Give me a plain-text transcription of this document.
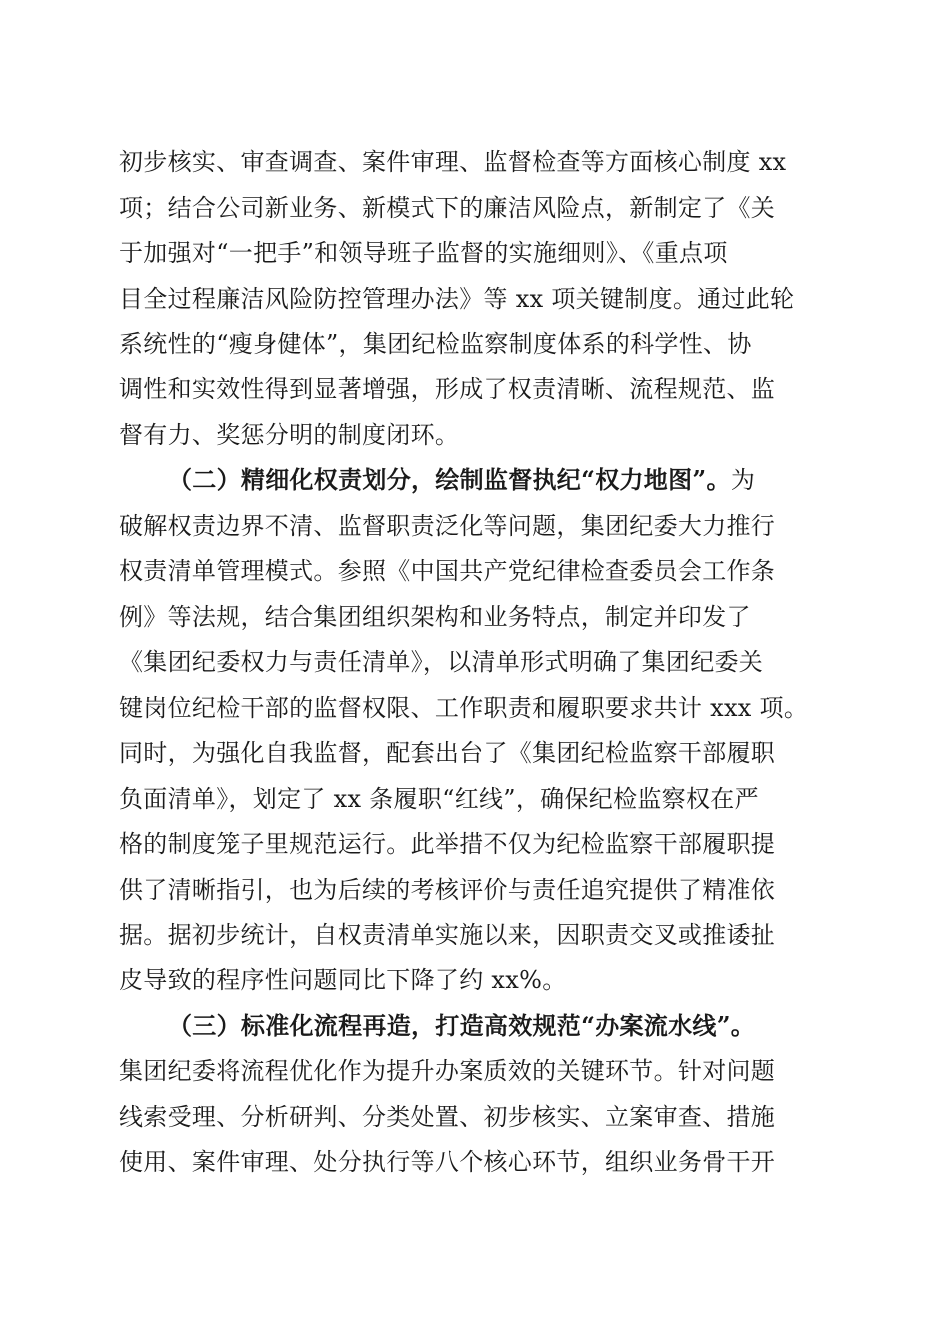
初步核实、审查调查、案件审理、监督检查等方面核心制度 xx
项；结合公司新业务、新模式下的廉洁风险点，新制定了《关
于加强对“一把手”和领导班子监督的实施细则》、《重点项
目全过程廉洁风险防控管理办法》等 xx 项关键制度。通过此轮
系统性的“瘦身健体”，集团纪检监察制度体系的科学性、协
调性和实效性得到显著增强，形成了权责清晰、流程规范、监
督有力、奖惩分明的制度闭环。
（二）精细化权责划分，绘制监督执纪“权力地图”。为
破解权责边界不清、监督职责泛化等问题，集团纪委大力推行
权责清单管理模式。参照《中国共产党纪律检查委员会工作条
例》等法规，结合集团组织架构和业务特点，制定并印发了
《集团纪委权力与责任清单》，以清单形式明确了集团纪委关
键岗位纪检干部的监督权限、工作职责和履职要求共计 xxx 项。
同时，为强化自我监督，配套出台了《集团纪检监察干部履职
负面清单》，划定了 xx 条履职“红线”，确保纪检监察权在严
格的制度笼子里规范运行。此举措不仅为纪检监察干部履职提
供了清晰指引，也为后续的考核评价与责任追究提供了精准依
据。据初步统计，自权责清单实施以来，因职责交叉或推诿扯
皮导致的程序性问题同比下降了约 xx%。
（三）标准化流程再造，打造高效规范“办案流水线”。
集团纪委将流程优化作为提升办案质效的关键环节。针对问题
线索受理、分析研判、分类处置、初步核实、立案审查、措施
使用、案件审理、处分执行等八个核心环节，组织业务骨干开
